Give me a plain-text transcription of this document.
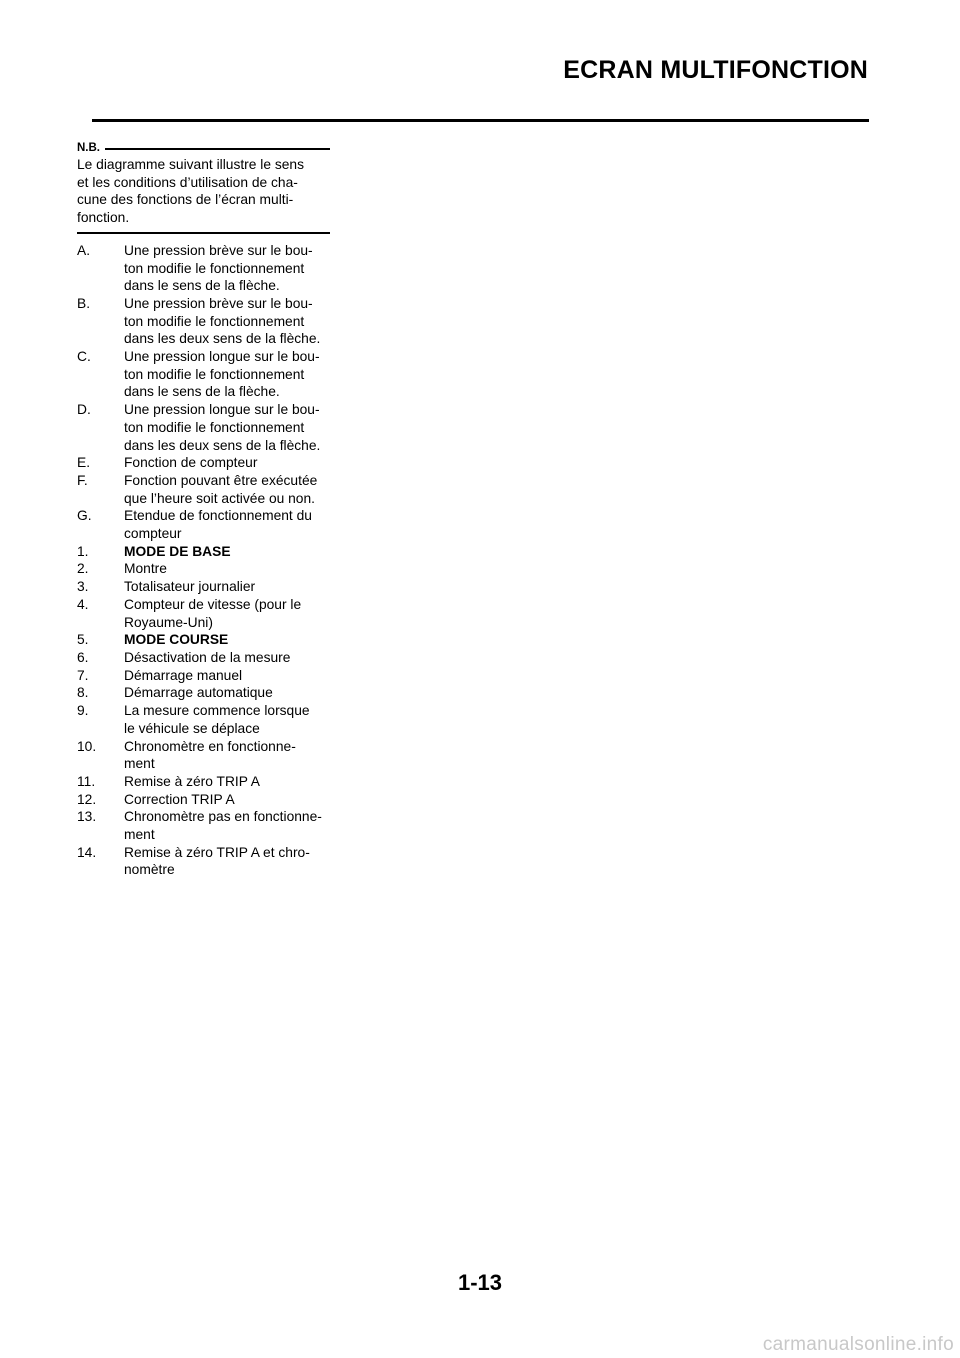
ECRAN MULTIFONCTION
N.B.
Le diagramme suivant illustre le sens
et les conditions d’utilisation de cha-
cune des fonctions de l’écran multi-
fonction.
A.	Une pression brève sur le bou-
ton modifie le fonctionnement
dans le sens de la flèche.
B.	Une pression brève sur le bou-
ton modifie le fonctionnement
dans les deux sens de la flèche.
C.	Une pression longue sur le bou-
ton modifie le fonctionnement
dans le sens de la flèche.
D.	Une pression longue sur le bou-
ton modifie le fonctionnement
dans les deux sens de la flèche.
E.	Fonction de compteur
F.	Fonction pouvant être exécutée
que l’heure soit activée ou non.
G.	Etendue de fonctionnement du
compteur
1.	MODE DE BASE
2.	Montre
3.	Totalisateur journalier
4.	Compteur de vitesse (pour le
Royaume-Uni)
5.	MODE COURSE
6.	Désactivation de la mesure
7.	Démarrage manuel
8.	Démarrage automatique
9.	La mesure commence lorsque
le véhicule se déplace
10.	Chronomètre en fonctionne-
ment
11.	Remise à zéro TRIP A
12.	Correction TRIP A
13.	Chronomètre pas en fonctionne-
ment
14.	Remise à zéro TRIP A et chro-
nomètre
1-13
carmanualsonline.info
